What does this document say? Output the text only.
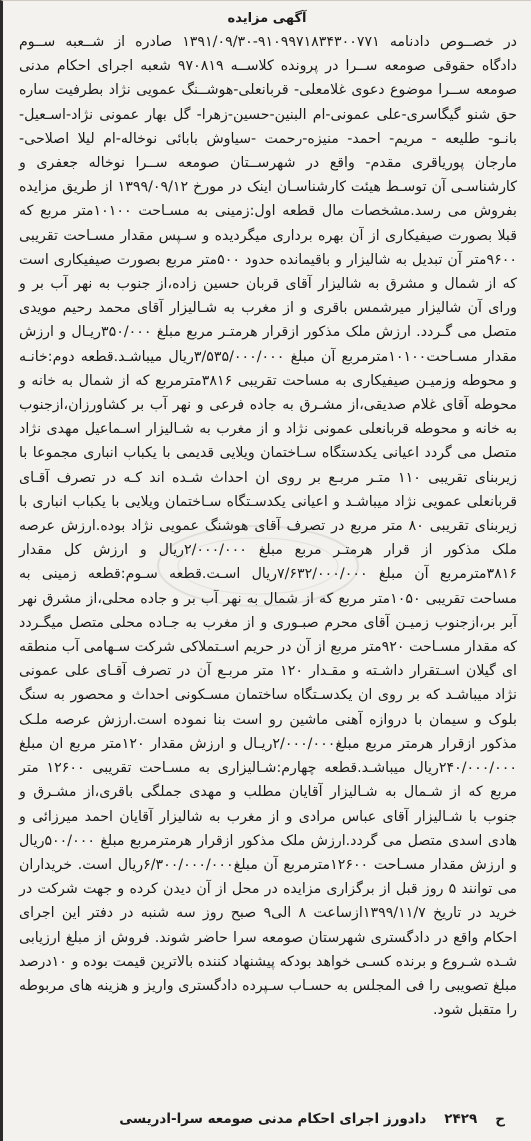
آگهی مزایده

در خصــوص دادنامه ۹۱۰۹۹۷۱۸۳۴۳۰۰۷۷۱-۱۳۹۱/۰۹/۳۰ صادره از شــعبه ســوم دادگاه حقوقی صومعه ســرا در پرونده کلاســه ۹۷۰۸۱۹ شعبه اجرای احکام مدنی صومعه ســرا موضوع دعوی غلامعلی- قربانعلی-هوشــنگ عمویی نژاد بطرفیت ساره حق شنو گیگاسری-علی عمونی-ام البنین-حسین-زهرا- گل بهار عمونی نژاد-اسـعیل- بانـو- طلیعه - مریم- احمد- منیزه-رحمت -سیاوش بابائی نوخاله-ام لیلا اصلاحی- مارجان پوریاقری مقدم- واقع در شهرســتان صومعه ســرا نوخاله جعفری و کارشناسـی آن توسـط هیئت کارشناسـان اینک در مورخ ۱۳۹۹/۰۹/۱۲ از طریق مزایده بفروش می رسد.مشخصات مال قطعه اول:زمینی به مسـاحت ۱۰۱۰۰متر مربع که قبلا بصورت صیفیکاری از آن بهره برداری میگردیده و سـپس مقدار مسـاحت تقریبی ۹۶۰۰متر آن تبدیل به شالیزار و باقیمانده حدود ۵۰۰متر مربع بصورت صیفیکاری است که از شمال و مشرق به شالیزار آقای قربان حسین زاده،از جنوب به نهر آب بر و ورای آن شالیزار میرشمس باقری و از مغرب به شـالیزار آقای محمد رحیم مویدی متصل می گـردد. ارزش ملک مذکور ازقرار هرمتـر مربع مبلغ ۳۵۰/۰۰۰ریـال و ارزش مقدار مسـاحت۱۰۱۰۰مترمربع آن مبلغ ۳/۵۳۵/۰۰۰/۰۰۰ریال میباشـد.قطعه دوم:خانـه و محوطه وزمیـن صیفیکاری به مساحت تقریبی ۳۸۱۶مترمربع که از شمال به خانه و محوطه آقای غلام صدیقی،از مشـرق به جاده فرعی و نهر آب بر کشاورزان،ازجنوب به خانه و محوطه قربانعلی عمونی نژاد و از مغرب به شـالیزار اسـماعیل مهدی نژاد متصل می گردد اعیانی یکدستگاه سـاختمان ویلایی قدیمی با یکباب انباری مجموعا با زیربنای تقریبی ۱۱۰ متـر مربـع بر روی ان احداث شـده اند کـه در تصرف آقـای قربانعلی عمویی نژاد میباشـد و اعیانی یکدسـتگاه سـاختمان ویلایی با یکباب انباری با زیربنای تقریبی ۸۰ متر مربع در تصرف آقای هوشنگ عمویی نژاد بوده.ارزش عرصه ملک مذکور از قرار هرمتـر مربع مبلغ ۲/۰۰۰/۰۰۰ریال و ارزش کل مقدار ۳۸۱۶مترمربع آن مبلغ ۷/۶۳۲/۰۰۰/۰۰۰ریال اسـت.قطعه سـوم:قطعه زمینی به مساحت تقریبی ۱۰۵۰متر مربع که از شمال به نهر آب بر و جاده محلی،از مشرق نهر آبر بر،ازجنوب زمیـن آقای محرم صبـوری و از مغرب به جـاده محلی متصل میگـردد که مقدار مسـاحت ۹۲۰متر مربع از آن در حریم اسـتملاکی شرکت سـهامی آب منطقه ای گیلان اسـتقرار داشـته و مقـدار ۱۲۰ متر مربـع آن در تصرف آقـای علی عمونی نژاد میباشـد که بر روی ان یکدسـتگاه ساختمان مسـکونی احداث و محصور به سنگ بلوک و سیمان با دروازه آهنی ماشین رو است بنا نموده است.ارزش عرصه ملـک مذکور ازقرار هرمتر مربع مبلغ۲/۰۰۰/۰۰۰ریـال و ارزش مقدار ۱۲۰متر مربع ان مبلغ ۲۴۰/۰۰۰/۰۰۰ریال میباشـد.قطعه چهارم:شـالیزاری به مسـاحت تقریبی ۱۲۶۰۰ متر مربع که از شـمال به شـالیزار آقایان مطلب و مهدی جملگی باقری،از مشـرق و جنوب با شـالیزار آقای عباس مرادی و از مغرب به شالیزار آقایان احمد میرزائی و هادی اسدی متصل می گردد.ارزش ملک مذکور ازقرار هرمترمربع مبلغ ۵۰۰/۰۰۰ریال و ارزش مقدار مسـاحت ۱۲۶۰۰مترمربع آن مبلغ۶/۳۰۰/۰۰۰/۰۰۰ریال است. خریداران می توانند ۵ روز قبل از برگزاری مزایده در محل از آن دیدن کرده و جهت شرکت در خرید در تاریخ ۱۳۹۹/۱۱/۷ازساعت ۸ الی۹ صبح روز سه شنبه در دفتر این اجرای احکام واقع در دادگستری شهرستان صومعه سرا حاضر شوند. فروش از مبلغ ارزیابی شـده شـروع و برنده کسـی خواهد بودکه پیشنهاد کننده بالاترین قیمت بوده و ۱۰درصد مبلغ تصویبی را فی المجلس به حسـاب سـپرده دادگستری واریز و هزینه های مربوطه را متقبل شود.

ح
۲۴۲۹
دادورز اجرای احکام مدنی صومعه سرا-ادریسی
